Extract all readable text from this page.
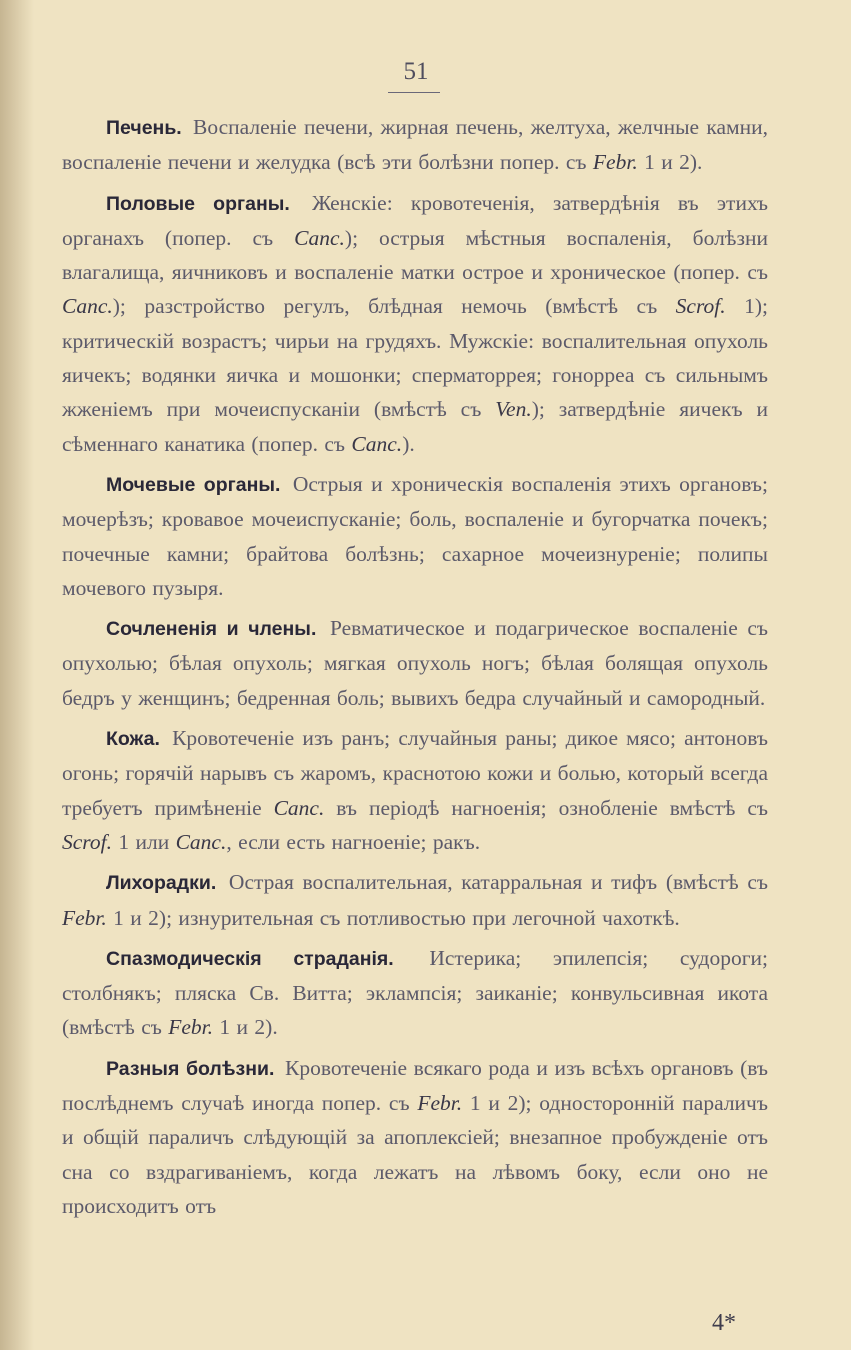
51

Печень. Воспаленіе печени, жирная печень, желтуха, желчные камни, воспаленіе печени и желудка (всѣ эти болѣзни попер. съ Febr. 1 и 2).

Половые органы. Женскіе: кровотеченія, затвердѣнія въ этихъ органахъ (попер. съ Canc.); острыя мѣстныя воспаленія, болѣзни влагалища, яичниковъ и воспаленіе матки острое и хроническое (попер. съ Canc.); разстройство регулъ, блѣдная немочь (вмѣстѣ съ Scrof. 1); критическій возрастъ; чирьи на грудяхъ. Мужскіе: воспалительная опухоль яичекъ; водянки яичка и мошонки; сперматоррея; гонорреа съ сильнымъ жженіемъ при мочеиспусканіи (вмѣстѣ съ Ven.); затвердѣніе яичекъ и сѣменнаго канатика (попер. съ Canc.).

Мочевые органы. Острыя и хроническія воспаленія этихъ органовъ; мочерѣзъ; кровавое мочеиспусканіе; боль, воспаленіе и бугорчатка почекъ; почечные камни; брайтова болѣзнь; сахарное мочеизнуреніе; полипы мочевого пузыря.

Сочлененія и члены. Ревматическое и подагрическое воспаленіе съ опухолью; бѣлая опухоль; мягкая опухоль ногъ; бѣлая болящая опухоль бедръ у женщинъ; бедренная боль; вывихъ бедра случайный и самородный.

Кожа. Кровотеченіе изъ ранъ; случайныя раны; дикое мясо; антоновъ огонь; горячій нарывъ съ жаромъ, краснотою кожи и болью, который всегда требуетъ примѣненіе Canc. въ періодѣ нагноенія; ознобленіе вмѣстѣ съ Scrof. 1 или Canc., если есть нагноеніе; ракъ.

Лихорадки. Острая воспалительная, катарральная и тифъ (вмѣстѣ съ Febr. 1 и 2); изнурительная съ потливостью при легочной чахоткѣ.

Спазмодическія страданія. Истерика; эпилепсія; судороги; столбнякъ; пляска Св. Витта; эклампсія; заиканіе; конвульсивная икота (вмѣстѣ съ Febr. 1 и 2).

Разныя болѣзни. Кровотеченіе всякаго рода и изъ всѣхъ органовъ (въ послѣднемъ случаѣ иногда попер. съ Febr. 1 и 2); односторонній параличъ и общій параличъ слѣдующій за апоплексіей; внезапное пробужденіе отъ сна со вздрагиваніемъ, когда лежатъ на лѣвомъ боку, если оно не происходитъ отъ

4*
